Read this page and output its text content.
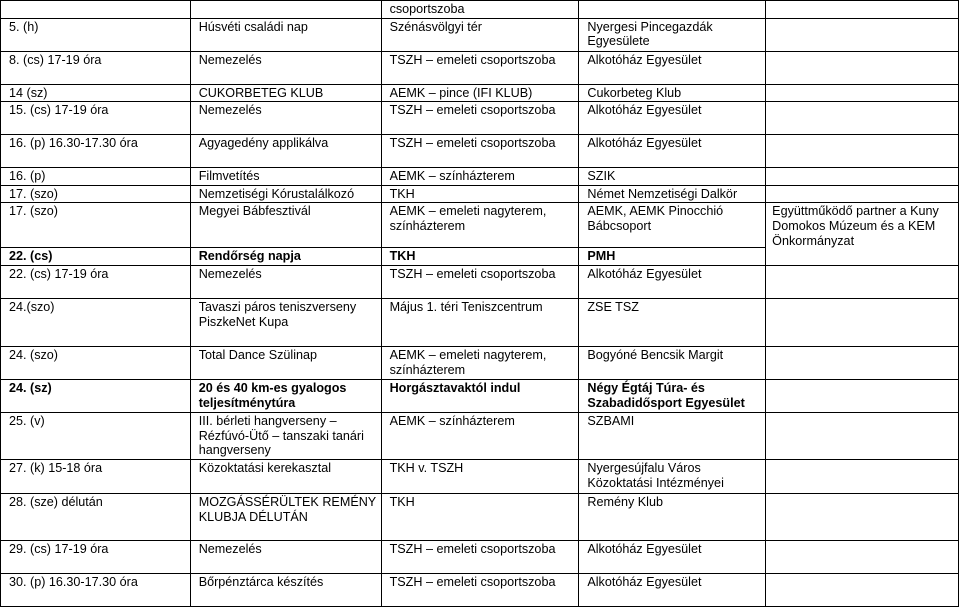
		csoportszoba		
5. (h)	Húsvéti családi nap	Szénásvölgyi tér	Nyergesi Pincegazdák Egyesülete	
8. (cs) 17-19 óra	Nemezelés	TSZH – emeleti csoportszoba	Alkotóház Egyesület	
14 (sz)	CUKORBETEG KLUB	AEMK – pince (IFI KLUB)	Cukorbeteg Klub	
15. (cs) 17-19 óra	Nemezelés	TSZH – emeleti csoportszoba	Alkotóház Egyesület	
16. (p) 16.30-17.30 óra	Agyagedény applikálva	TSZH – emeleti csoportszoba	Alkotóház Egyesület	
16. (p)	Filmvetítés	AEMK – színházterem	SZIK	
17. (szo)	Nemzetiségi Kórustalálkozó	TKH	Német Nemzetiségi Dalkör	
17. (szo)	Megyei Bábfesztivál	AEMK – emeleti nagyterem, színházterem	AEMK, AEMK Pinocchió Bábcsoport	Együttműködő partner a Kuny Domokos Múzeum és a KEM Önkormányzat
22. (cs)	Rendőrség napja	TKH	PMH	
22. (cs) 17-19 óra	Nemezelés	TSZH – emeleti csoportszoba	Alkotóház Egyesület	
24.(szo)	Tavaszi páros teniszverseny PiszkeNet Kupa	Május 1. téri Teniszcentrum	ZSE TSZ	
24. (szo)	Total Dance Szülinap	AEMK – emeleti nagyterem, színházterem	Bogyóné Bencsik Margit	
24. (sz)	20 és 40 km-es gyalogos teljesítménytúra	Horgásztavaktól indul	Négy Égtáj Túra- és Szabadidősport Egyesület	
25. (v)	III. bérleti hangverseny – Rézfúvó-Ütő – tanszaki tanári hangverseny	AEMK – színházterem	SZBAMI	
27. (k) 15-18 óra	Közoktatási kerekasztal	TKH v. TSZH	Nyergesújfalu Város Közoktatási Intézményei	
28. (sze) délután	MOZGÁSSÉRÜLTEK REMÉNY KLUBJA DÉLUTÁN	TKH	Remény Klub	
29. (cs) 17-19 óra	Nemezelés	TSZH – emeleti csoportszoba	Alkotóház Egyesület	
30. (p) 16.30-17.30 óra	Bőrpénztárca készítés	TSZH – emeleti csoportszoba	Alkotóház Egyesület	
